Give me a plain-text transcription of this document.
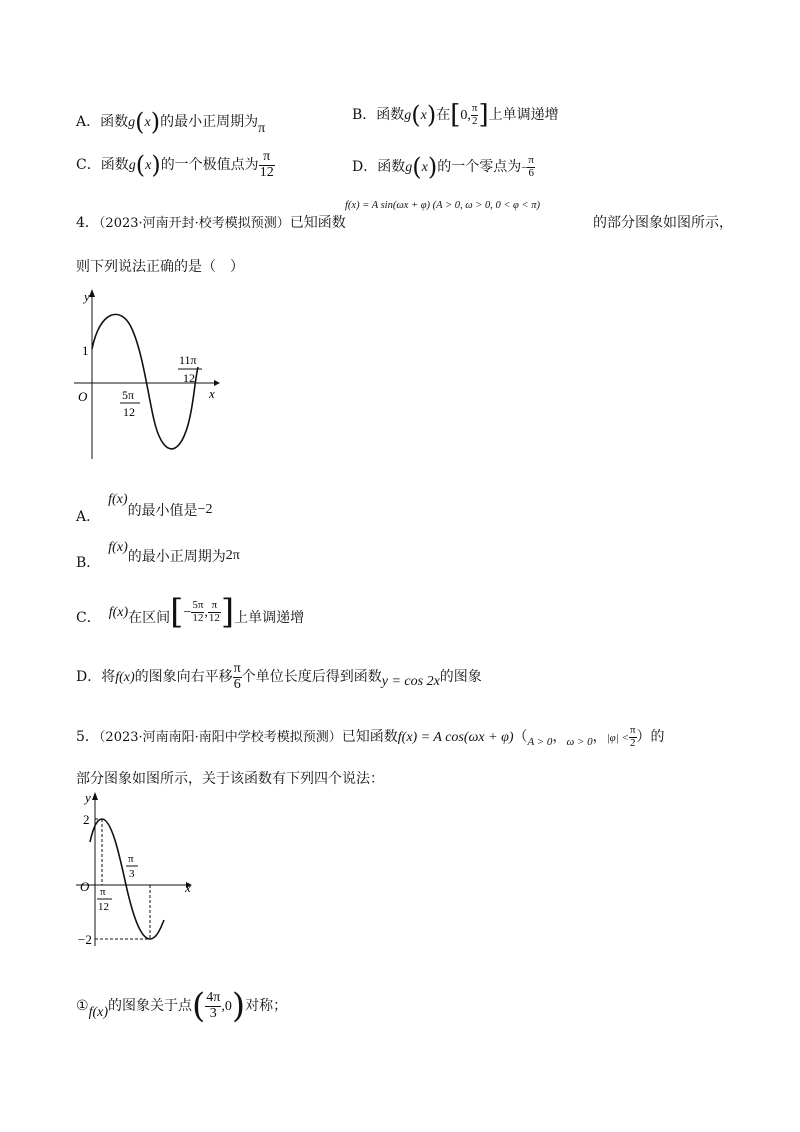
A．函数g(x)的最小正周期为π
B．函数g(x)在[0, $\frac{\pi}{2}$ ]上单调递增
C．函数g(x)的一个极值点为 $\frac{\pi}{12}$	D．函数g(x)的一个零点为− $\frac{\pi}{6}$
4．（2023·河南开封·校考模拟预测）已知函数
f(x) = A sin(ωx + φ) (A > 0, ω > 0, 0 < φ < π)
的部分图象如图所示，
则下列说法正确的是（　）
y
x
O
1
5π
12
11π
12
A．f(x)的最小值是−2
B．f(x)的最小正周期为2π
C． f(x)在区间[− $\frac{5\pi}{12}$ , $\frac{\pi}{12}$ ]上单调递增
D．将f(x)的图象向右平移 $\frac{\pi}{6}$ 个单位长度后得到函数y = cos 2x的图象
5．（2023·河南南阳·南阳中学校考模拟预测）已知函数f(x) = A $\cos(\omega x + \varphi)(_{A > 0}$，$_{\omega > 0}$，$|\varphi| < \frac{\pi}{2}$ ）的
部分图象如图所示，关于该函数有下列四个说法：
y
x
O
2
−2
π
12
π
3
①f(x)的图象关于点( $\frac{4\pi}{3} ,0$)对称；
